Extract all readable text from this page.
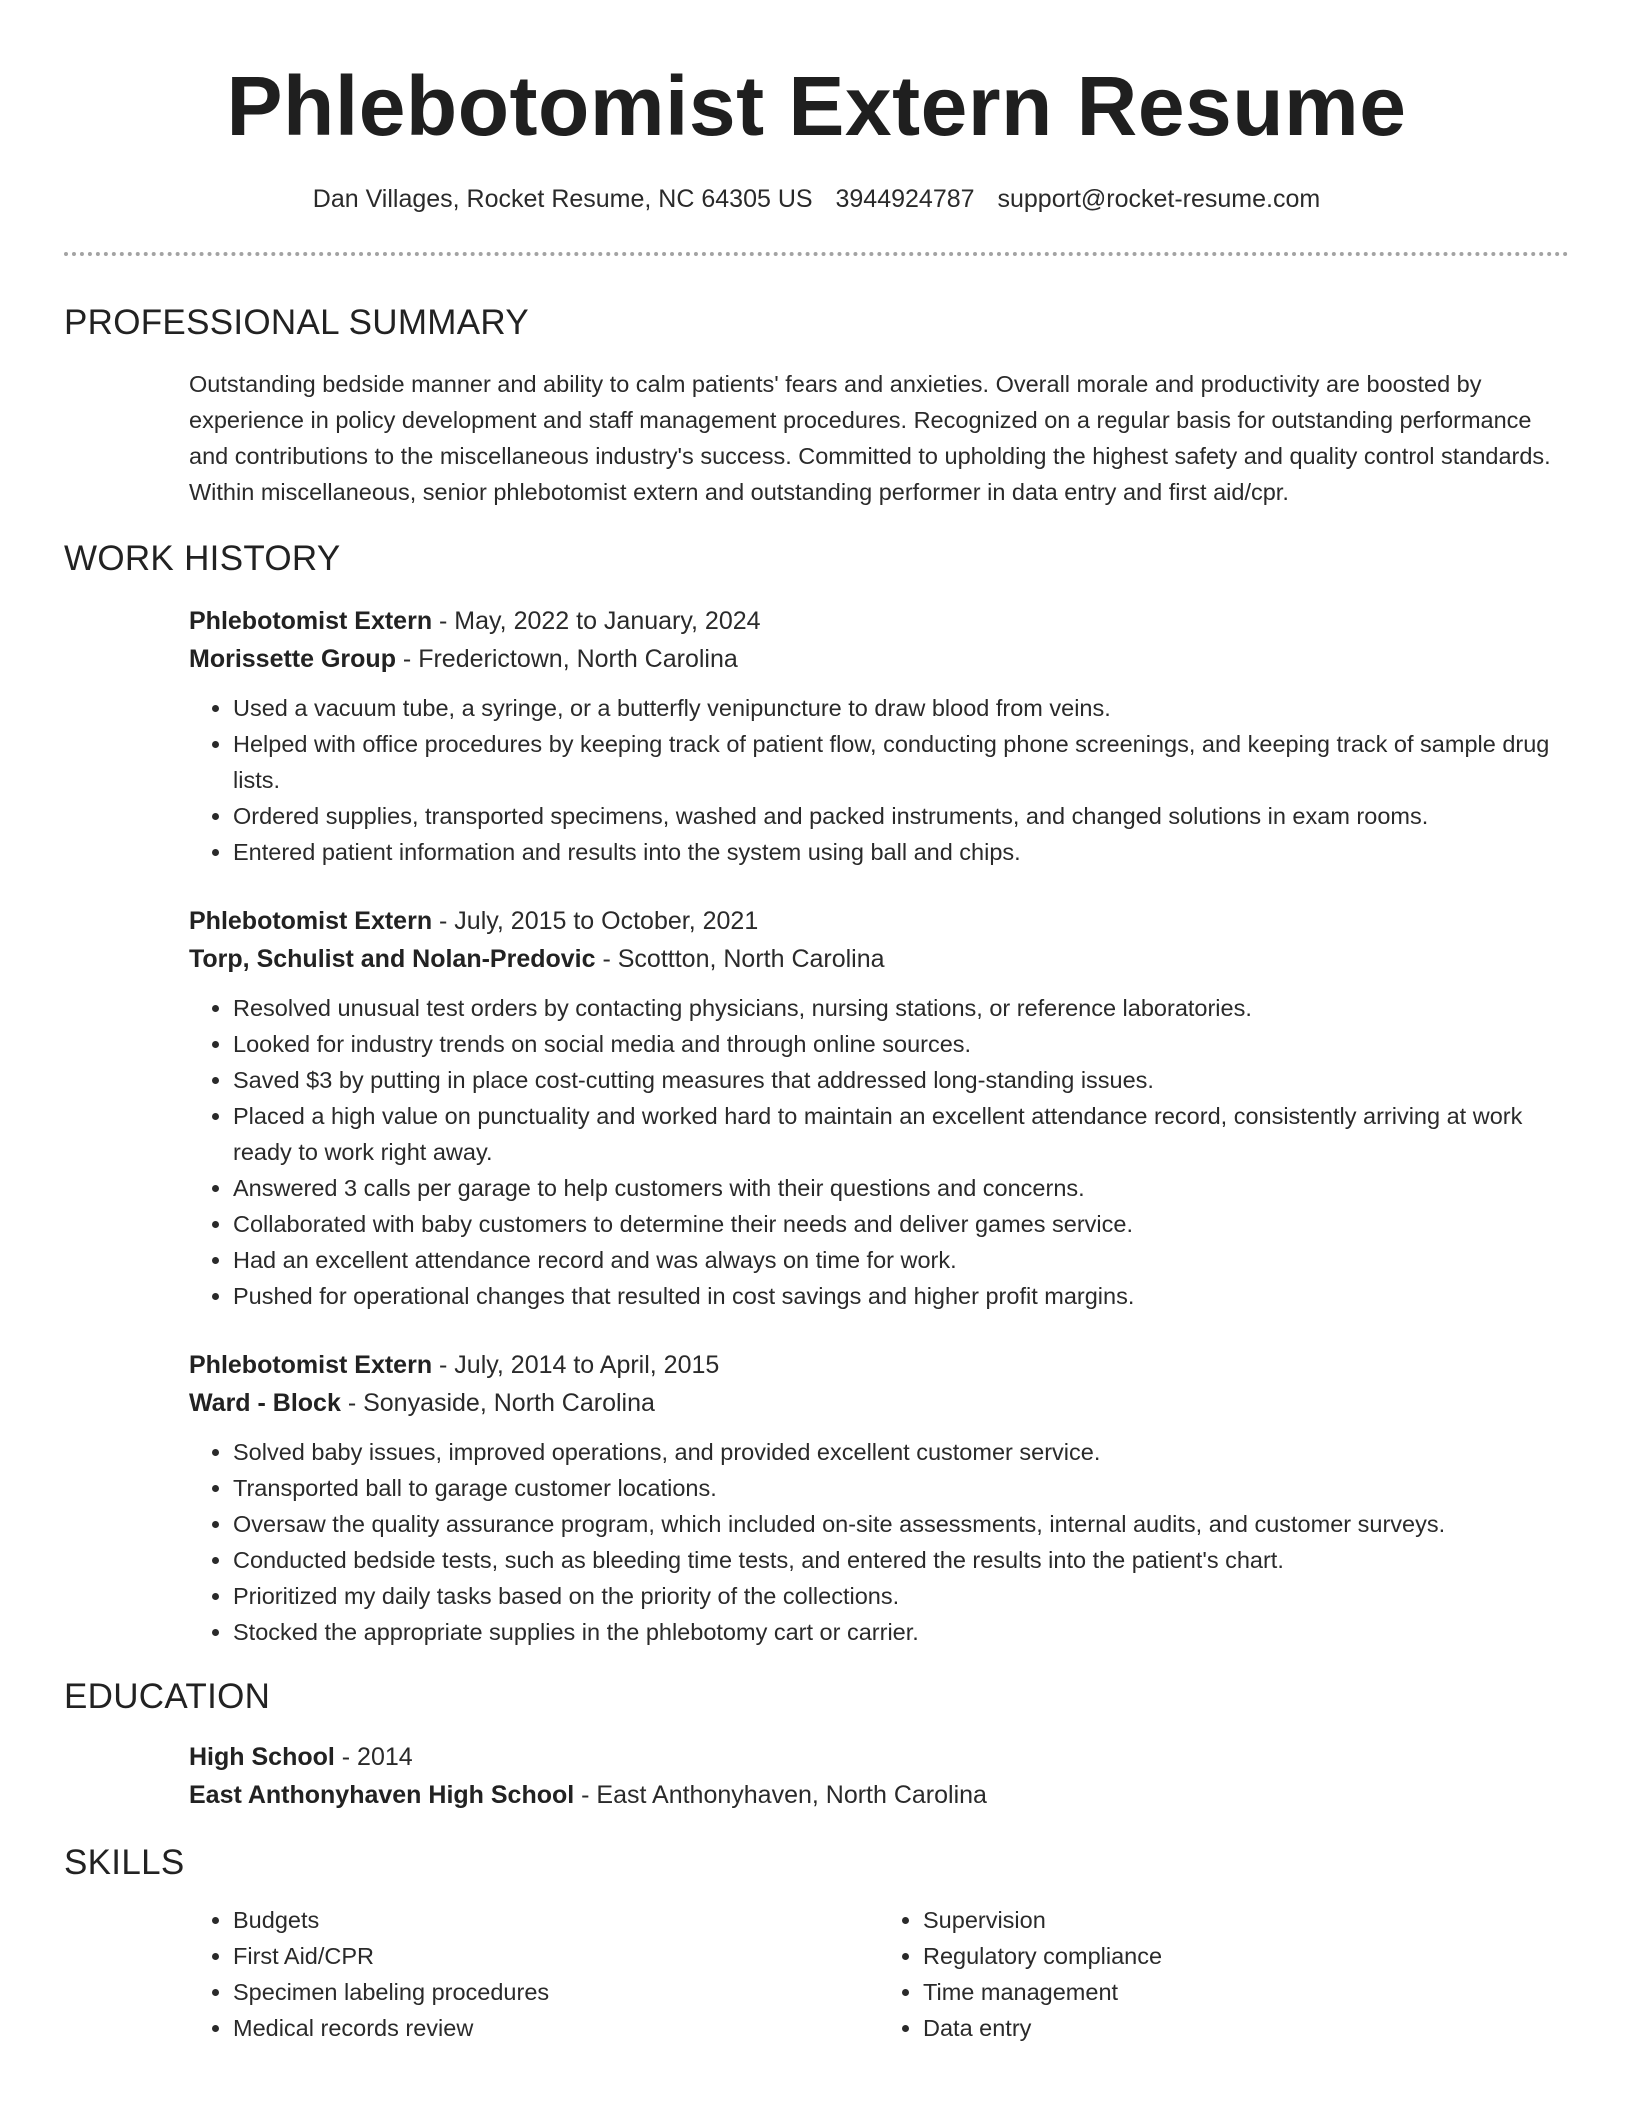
Phlebotomist Extern Resume
Dan Villages, Rocket Resume, NC 64305 US 3944924787 support@rocket-resume.com
PROFESSIONAL SUMMARY
Outstanding bedside manner and ability to calm patients' fears and anxieties. Overall morale and productivity are boosted by experience in policy development and staff management procedures. Recognized on a regular basis for outstanding performance and contributions to the miscellaneous industry's success. Committed to upholding the highest safety and quality control standards. Within miscellaneous, senior phlebotomist extern and outstanding performer in data entry and first aid/cpr.
WORK HISTORY
Phlebotomist Extern - May, 2022 to January, 2024
Morissette Group - Frederictown, North Carolina
• Used a vacuum tube, a syringe, or a butterfly venipuncture to draw blood from veins.
• Helped with office procedures by keeping track of patient flow, conducting phone screenings, and keeping track of sample drug lists.
• Ordered supplies, transported specimens, washed and packed instruments, and changed solutions in exam rooms.
• Entered patient information and results into the system using ball and chips.
Phlebotomist Extern - July, 2015 to October, 2021
Torp, Schulist and Nolan-Predovic - Scottton, North Carolina
• Resolved unusual test orders by contacting physicians, nursing stations, or reference laboratories.
• Looked for industry trends on social media and through online sources.
• Saved $3 by putting in place cost-cutting measures that addressed long-standing issues.
• Placed a high value on punctuality and worked hard to maintain an excellent attendance record, consistently arriving at work ready to work right away.
• Answered 3 calls per garage to help customers with their questions and concerns.
• Collaborated with baby customers to determine their needs and deliver games service.
• Had an excellent attendance record and was always on time for work.
• Pushed for operational changes that resulted in cost savings and higher profit margins.
Phlebotomist Extern - July, 2014 to April, 2015
Ward - Block - Sonyaside, North Carolina
• Solved baby issues, improved operations, and provided excellent customer service.
• Transported ball to garage customer locations.
• Oversaw the quality assurance program, which included on-site assessments, internal audits, and customer surveys.
• Conducted bedside tests, such as bleeding time tests, and entered the results into the patient's chart.
• Prioritized my daily tasks based on the priority of the collections.
• Stocked the appropriate supplies in the phlebotomy cart or carrier.
EDUCATION
High School - 2014
East Anthonyhaven High School - East Anthonyhaven, North Carolina
SKILLS
• Budgets
• First Aid/CPR
• Specimen labeling procedures
• Medical records review
• Supervision
• Regulatory compliance
• Time management
• Data entry
